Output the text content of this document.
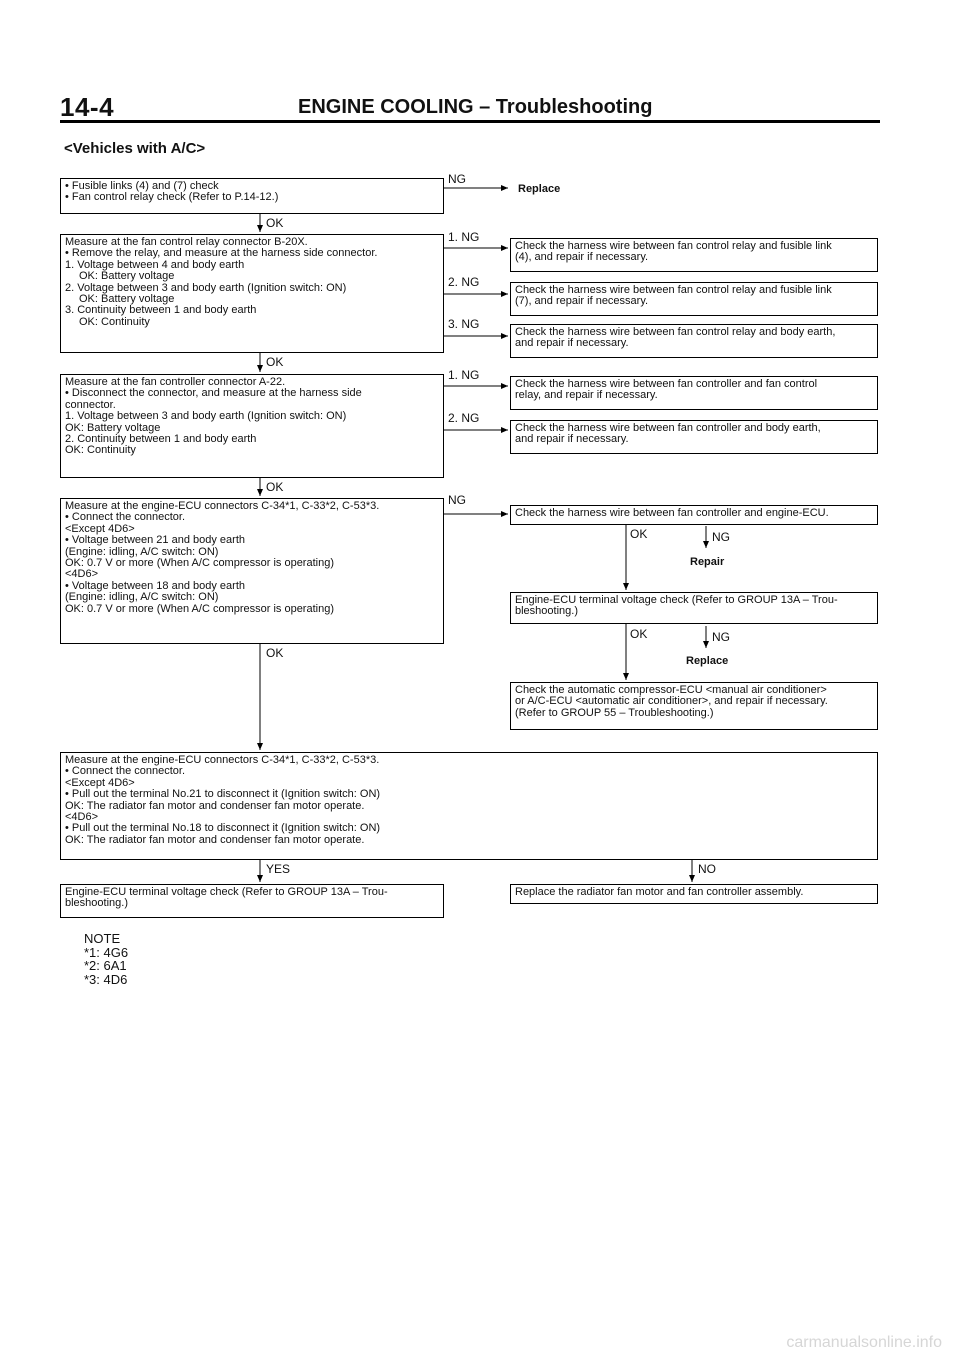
14-4	ENGINE COOLING – Troubleshooting
<Vehicles with A/C>
• Fusible links (4) and (7) check
• Fan control relay check (Refer to P.14-12.)
NG
Replace
OK
Measure at the fan control relay connector B-20X.
• Remove the relay, and measure at the harness side connector.
1. Voltage between 4 and body earth
OK: Battery voltage
2. Voltage between 3 and body earth (Ignition switch: ON)
OK: Battery voltage
3. Continuity between 1 and body earth
OK: Continuity
1. NG
2. NG
3. NG
Check the harness wire between fan control relay and fusible link
(4), and repair if necessary.
Check the harness wire between fan control relay and fusible link
(7), and repair if necessary.
Check the harness wire between fan control relay and body earth,
and repair if necessary.
OK
Measure at the fan controller connector A-22.
• Disconnect the connector, and measure at the harness side
connector.
1. Voltage between 3 and body earth (Ignition switch: ON)
OK: Battery voltage
2. Continuity between 1 and body earth
OK: Continuity
1. NG
2. NG
Check the harness wire between fan controller and fan control
relay, and repair if necessary.
Check the harness wire between fan controller and body earth,
and repair if necessary.
OK
Measure at the engine-ECU connectors C-34*1, C-33*2, C-53*3.
• Connect the connector.
<Except 4D6>
• Voltage between 21 and body earth
(Engine: idling, A/C switch: ON)
OK: 0.7 V or more (When A/C compressor is operating)
<4D6>
• Voltage between 18 and body earth
(Engine: idling, A/C switch: ON)
OK: 0.7 V or more (When A/C compressor is operating)
NG
OK
Check the harness wire between fan controller and engine-ECU.
OK	NG
Repair
Engine-ECU terminal voltage check (Refer to GROUP 13A – Trou-
bleshooting.)
OK	NG
Replace
Check the automatic compressor-ECU <manual air conditioner>
or A/C-ECU <automatic air conditioner>, and repair if necessary.
(Refer to GROUP 55 – Troubleshooting.)
Measure at the engine-ECU connectors C-34*1, C-33*2, C-53*3.
• Connect the connector.
<Except 4D6>
• Pull out the terminal No.21 to disconnect it (Ignition switch: ON)
OK: The radiator fan motor and condenser fan motor operate.
<4D6>
• Pull out the terminal No.18 to disconnect it (Ignition switch: ON)
OK: The radiator fan motor and condenser fan motor operate.
YES	NO
Engine-ECU terminal voltage check (Refer to GROUP 13A – Trou-
bleshooting.)
Replace the radiator fan motor and fan controller assembly.
NOTE
*1: 4G6
*2: 6A1
*3: 4D6
carmanualsonline.info
